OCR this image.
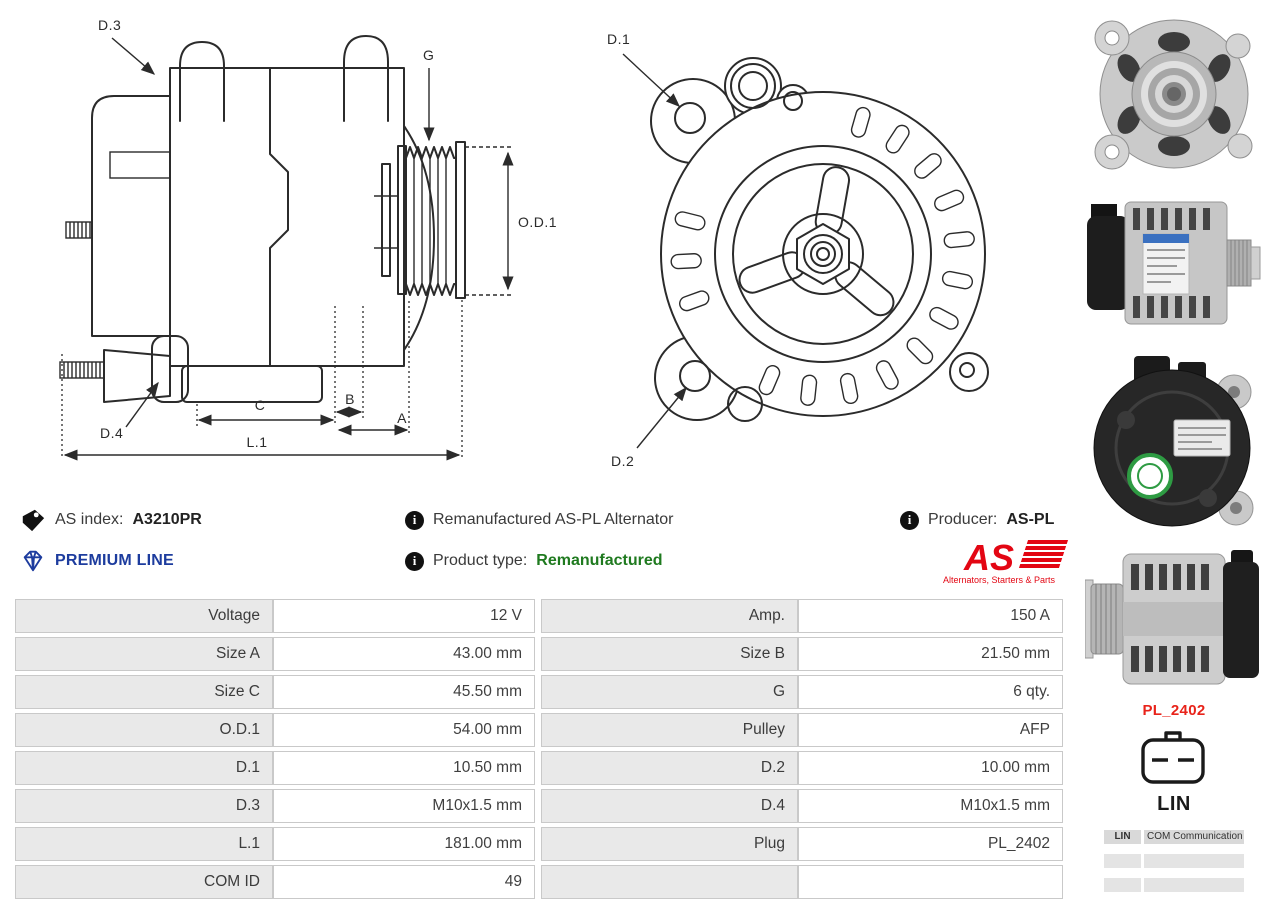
D.3
G
O.D.1
D.4
C	B
A
L.1
D.1
D.2
AS index: A3210PR
PREMIUM LINE
i	Remanufactured AS-PL Alternator
i	Product type: Remanufactured
i	Producer: AS-PL
AS
Alternators, Starters & Parts
Voltage	12 V
Size A	43.00 mm
Size C	45.50 mm
O.D.1	54.00 mm
D.1	10.50 mm
D.3	M10x1.5 mm
L.1	181.00 mm
COM ID	49
Amp.	150 A
Size B	21.50 mm
G	6 qty.
Pulley	AFP
D.2	10.00 mm
D.4	M10x1.5 mm
Plug	PL_2402
PL_2402
LIN
LIN	COM Communication
